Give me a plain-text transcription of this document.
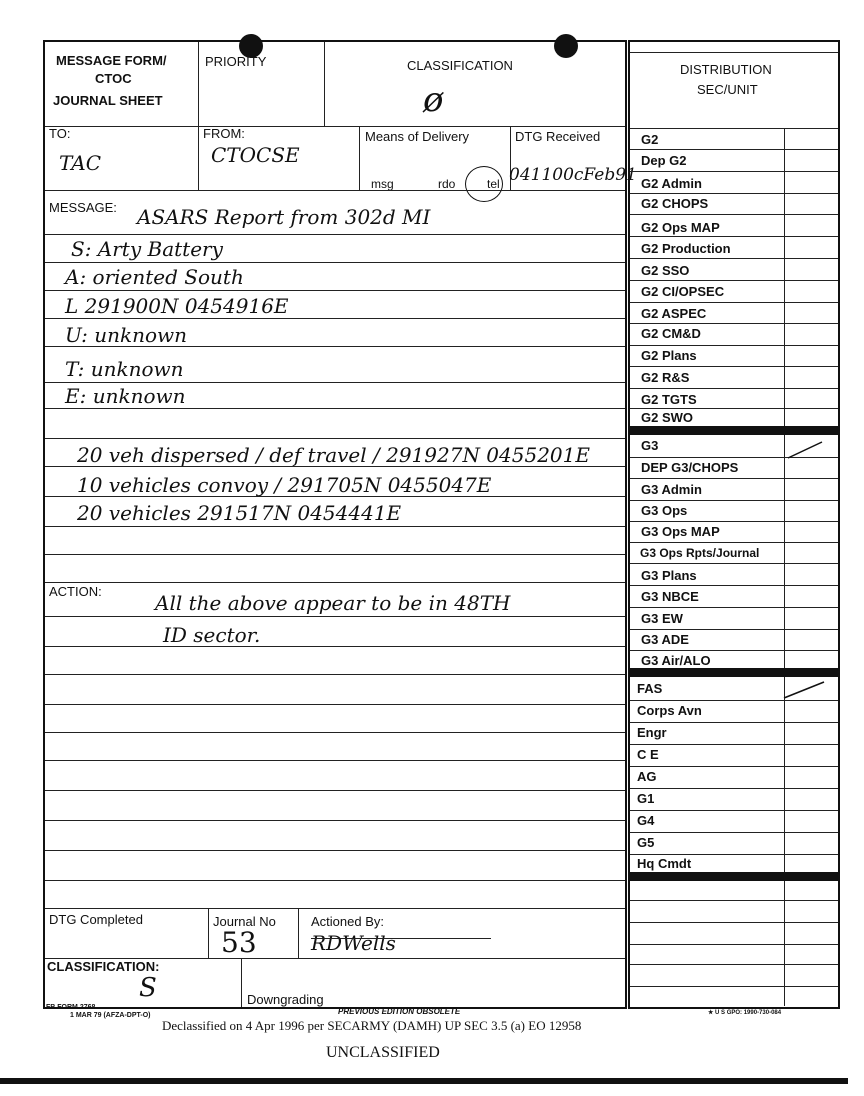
MESSAGE FORM/
CTOC
JOURNAL SHEET
PRIORITY	CLASSIFICATION
ø
TO:
TAC
FROM:
CTOCSE
Means of Delivery
msg	rdo	tel
DTG Received
041100cFeb91
MESSAGE: ASARS Report from 302d MI
S: Arty Battery
A: oriented South
L 291900N 0454916E
U: unknown
T: unknown
E: unknown
20 veh dispersed / def travel / 291927N 0455201E
10 vehicles convoy / 291705N 0455047E
20 vehicles 291517N 0454441E
ACTION:	All the above appear to be in 48TH
ID sector.
DTG Completed	Journal No
53
Actioned By:
RDWells
CLASSIFICATION:
S	Downgrading
DISTRIBUTION
SEC/UNIT
G2
Dep G2
G2 Admin
G2 CHOPS
G2 Ops MAP
G2 Production
G2 SSO
G2 CI/OPSEC
G2 ASPEC
G2 CM&D
G2 Plans
G2 R&S
G2 TGTS
G2 SWO
G3
DEP G3/CHOPS
G3 Admin
G3 Ops
G3 Ops MAP
G3 Ops Rpts/Journal
G3 Plans
G3 NBCE
G3 EW
G3 ADE
G3 Air/ALO
FAS
Corps Avn
Engr
C E
AG
G1
G4
G5
Hq Cmdt
FB FORM 2768
1 MAR 79 (AFZA-DPT-O)	PREVIOUS EDITION OBSOLETE	★ U S GPO: 1990-730-084
Declassified on 4 Apr 1996 per SECARMY (DAMH) UP SEC 3.5 (a) EO 12958
UNCLASSIFIED
